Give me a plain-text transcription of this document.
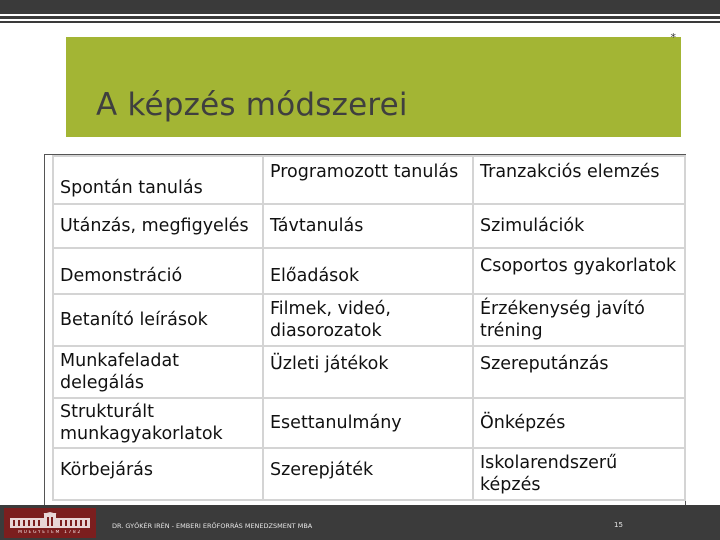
*
A képzés módszerei
Spontán tanulás	Programozott tanulás	Tranzakciós elemzés
Utánzás, megfigyelés	Távtanulás	Szimulációk
Demonstráció	Előadások	Csoportos gyakorlatok
Betanító leírások	Filmek, videó, diasorozatok	Érzékenység javító tréning
Munkafeladat delegálás	Üzleti játékok	Szereputánzás
Strukturált munkagyakorlatok	Esettanulmány	Önképzés
Körbejárás	Szerepjáték	Iskolarendszerű képzés
MŰEGYETEM 1782
DR. GYŐKÉR IRÉN - EMBERI ERŐFORRÁS MENEDZSMENT MBA	15
